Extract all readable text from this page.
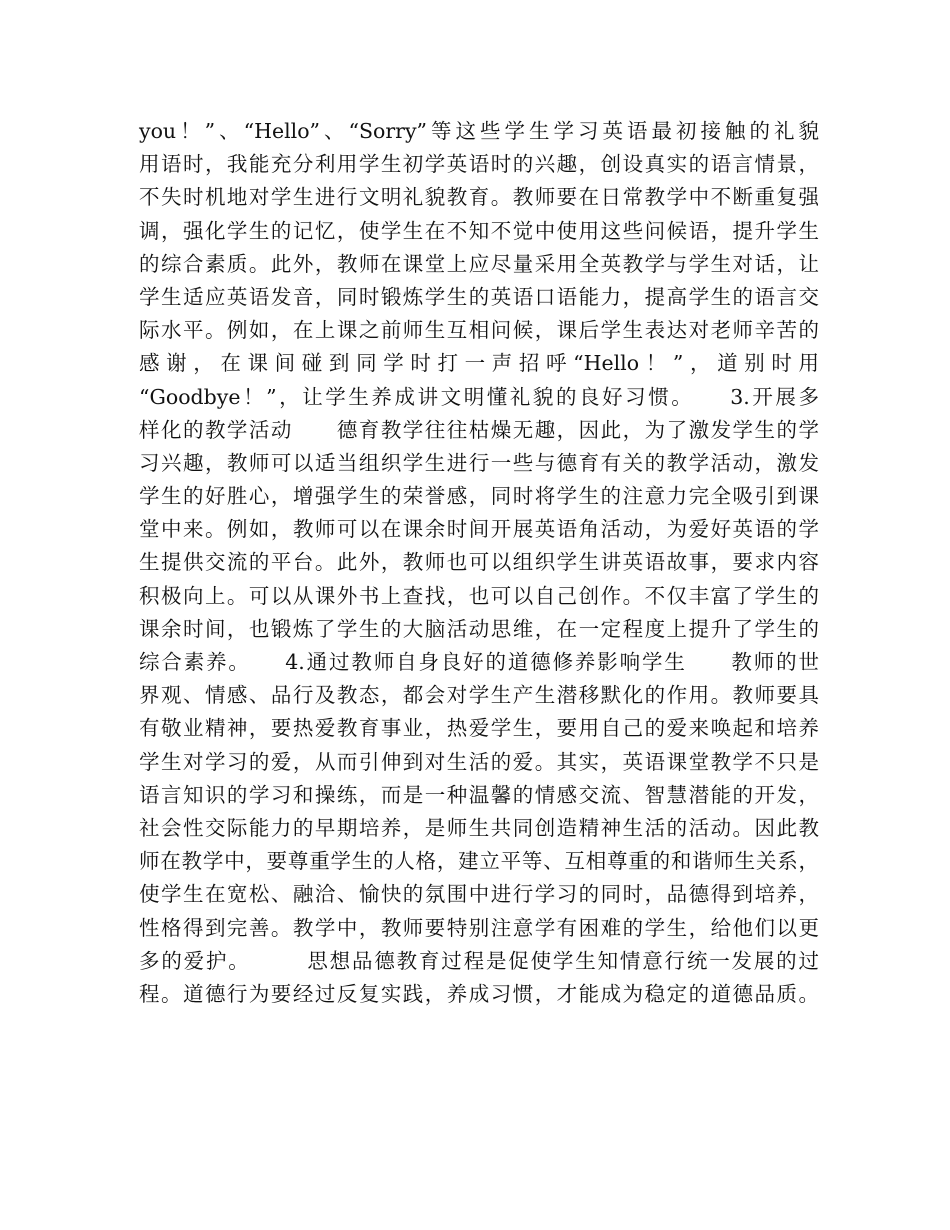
you！”、“Hello”、“Sorry”等这些学生学习英语最初接触的礼貌
用语时，我能充分利用学生初学英语时的兴趣，创设真实的语言情景，
不失时机地对学生进行文明礼貌教育。教师要在日常教学中不断重复强
调，强化学生的记忆，使学生在不知不觉中使用这些问候语，提升学生
的综合素质。此外，教师在课堂上应尽量采用全英教学与学生对话，让
学生适应英语发音，同时锻炼学生的英语口语能力，提高学生的语言交
际水平。例如，在上课之前师生互相问候，课后学生表达对老师辛苦的
感谢，在课间碰到同学时打一声招呼“Hello！”，道别时用
“Goodbye！”，让学生养成讲文明懂礼貌的良好习惯。　　3.开展多
样化的教学活动　　德育教学往往枯燥无趣，因此，为了激发学生的学
习兴趣，教师可以适当组织学生进行一些与德育有关的教学活动，激发
学生的好胜心，增强学生的荣誉感，同时将学生的注意力完全吸引到课
堂中来。例如，教师可以在课余时间开展英语角活动，为爱好英语的学
生提供交流的平台。此外，教师也可以组织学生讲英语故事，要求内容
积极向上。可以从课外书上查找，也可以自己创作。不仅丰富了学生的
课余时间，也锻炼了学生的大脑活动思维，在一定程度上提升了学生的
综合素养。　　4.通过教师自身良好的道德修养影响学生　　教师的世
界观、情感、品行及教态，都会对学生产生潜移默化的作用。教师要具
有敬业精神，要热爱教育事业，热爱学生，要用自己的爱来唤起和培养
学生对学习的爱，从而引伸到对生活的爱。其实，英语课堂教学不只是
语言知识的学习和操练，而是一种温馨的情感交流、智慧潜能的开发，
社会性交际能力的早期培养，是师生共同创造精神生活的活动。因此教
师在教学中，要尊重学生的人格，建立平等、互相尊重的和谐师生关系，
使学生在宽松、融洽、愉快的氛围中进行学习的同时，品德得到培养，
性格得到完善。教学中，教师要特别注意学有困难的学生，给他们以更
多的爱护。　　　思想品德教育过程是促使学生知情意行统一发展的过
程。道德行为要经过反复实践，养成习惯，才能成为稳定的道德品质。
